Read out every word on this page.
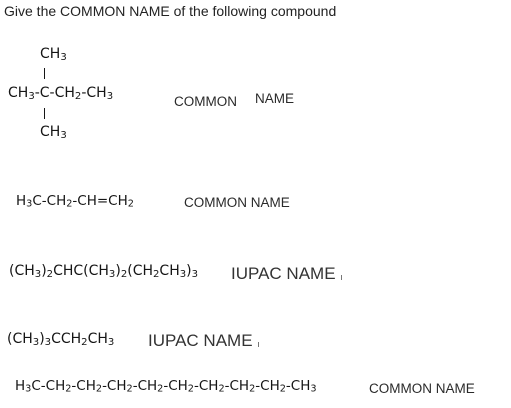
Give the COMMON NAME of the following compound
CH3
CH3-C-CH2-CH3
CH3
COMMON NAME
H3C-CH2-CH=CH2	COMMON NAME
(CH3)2CHC(CH3)2(CH2CH3)3 IUPAC NAME
(CH3)3CCH2CH3 IUPAC NAME
H3C-CH2-CH2-CH2-CH2-CH2-CH2-CH2-CH2-CH3	COMMON NAME
